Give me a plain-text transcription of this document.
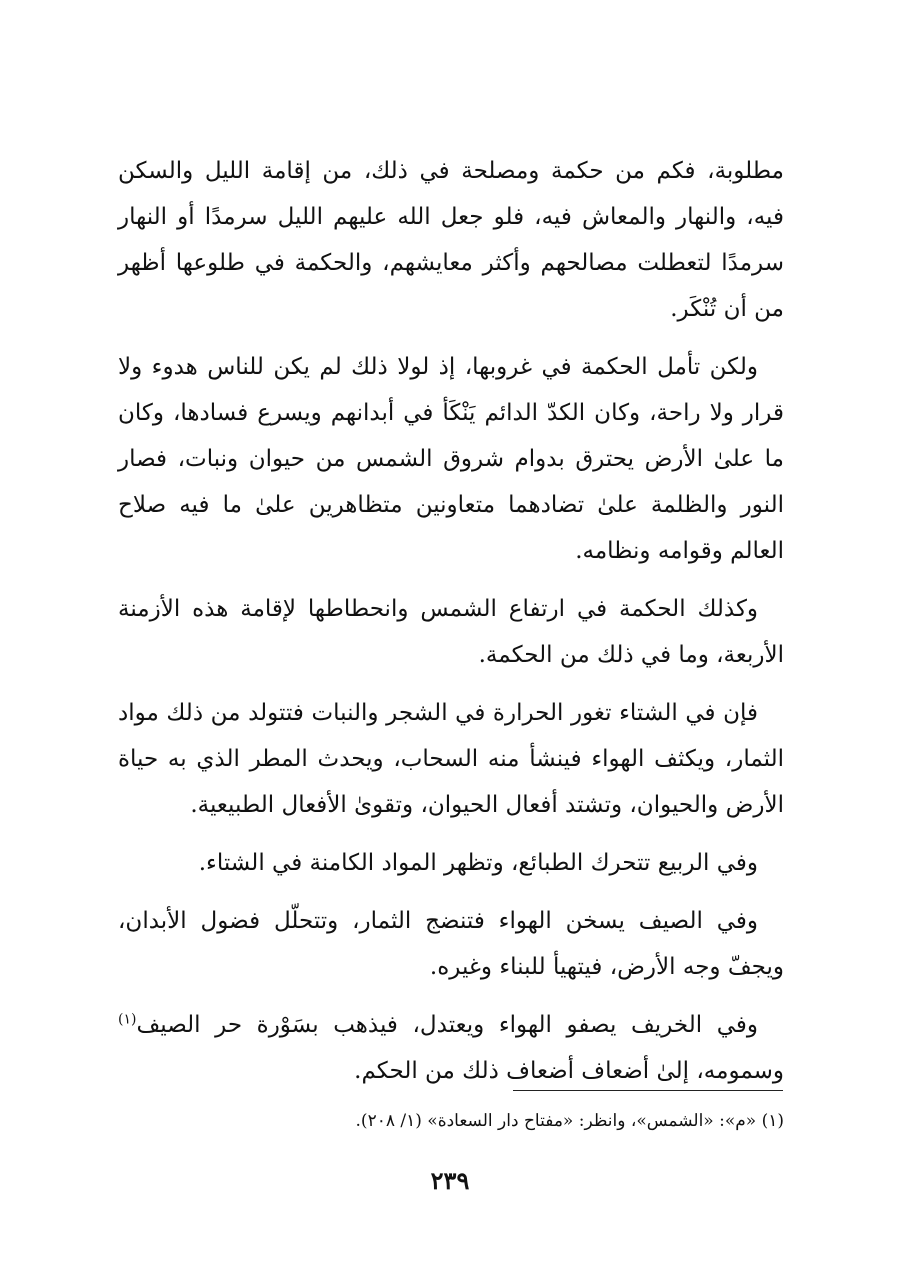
مطلوبة، فكم من حكمة ومصلحة في ذلك، من إقامة الليل والسكن فيه، والنهار والمعاش فيه، فلو جعل الله عليهم الليل سرمدًا أو النهار سرمدًا لتعطلت مصالحهم وأكثر معايشهم، والحكمة في طلوعها أظهر من أن تُنْكَر.

ولكن تأمل الحكمة في غروبها، إذ لولا ذلك لم يكن للناس هدوء ولا قرار ولا راحة، وكان الكدّ الدائم يَنْكَأ في أبدانهم ويسرع فسادها، وكان ما علىٰ الأرض يحترق بدوام شروق الشمس من حيوان ونبات، فصار النور والظلمة علىٰ تضادهما متعاونين متظاهرين علىٰ ما فيه صلاح العالم وقوامه ونظامه.

وكذلك الحكمة في ارتفاع الشمس وانحطاطها لإقامة هذه الأزمنة الأربعة، وما في ذلك من الحكمة.

فإن في الشتاء تغور الحرارة في الشجر والنبات فتتولد من ذلك مواد الثمار، ويكثف الهواء فينشأ منه السحاب، ويحدث المطر الذي به حياة الأرض والحيوان، وتشتد أفعال الحيوان، وتقوىٰ الأفعال الطبيعية.

وفي الربيع تتحرك الطبائع، وتظهر المواد الكامنة في الشتاء.

وفي الصيف يسخن الهواء فتنضج الثمار، وتتحلّل فضول الأبدان، ويجفّ وجه الأرض، فيتهيأ للبناء وغيره.

وفي الخريف يصفو الهواء ويعتدل، فيذهب بسَوْرة حر الصيف$^{(١)}$ وسمومه، إلىٰ أضعاف أضعاف ذلك من الحكم.

(١) «م»: «الشمس»، وانظر: «مفتاح دار السعادة» (١/ ٢٠٨).
٢٣٩
